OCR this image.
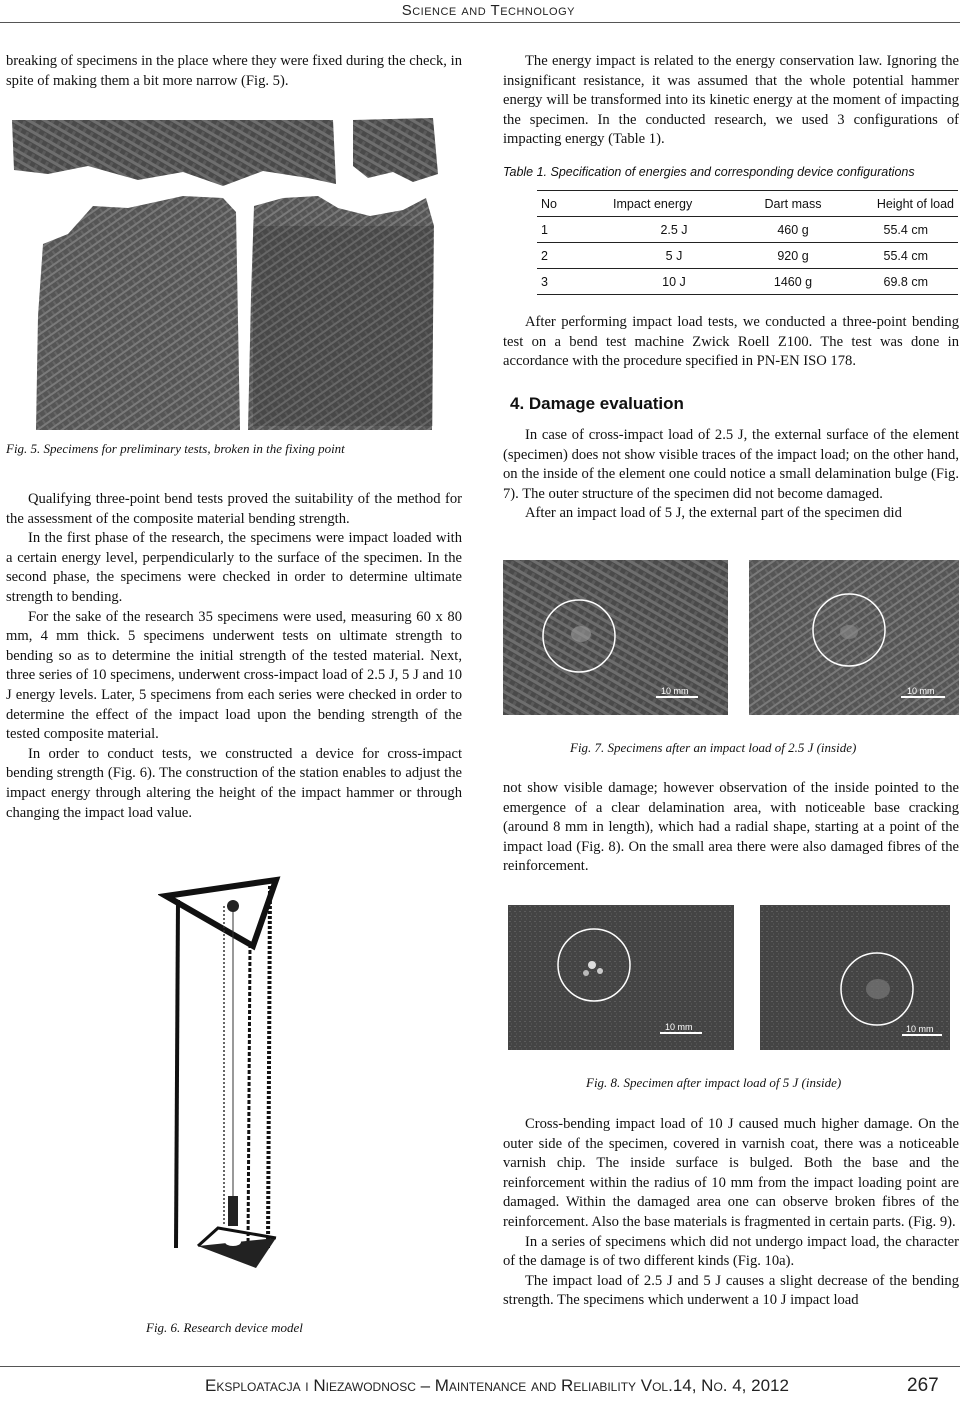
Science and Technology
breaking of specimens in the place where they were fixed during the check, in spite of making them a bit more narrow (Fig. 5).
Fig. 5. Specimens for preliminary tests, broken in the fixing point

Qualifying three-point bend tests proved the suitability of the method for the assessment of the composite material bending strength.

In the first phase of the research, the specimens were impact loaded with a certain energy level, perpendicularly to the surface of the specimen. In the second phase, the specimens were checked in order to determine ultimate strength to bending.

For the sake of the research 35 specimens were used, measuring 60 x 80 mm, 4 mm thick. 5 specimens underwent tests on ultimate strength to bending so as to determine the initial strength of the tested material. Next, three series of 10 specimens, underwent cross-impact load of 2.5 J, 5 J and 10 J energy levels. Later, 5 specimens from each series were checked in order to determine the effect of the impact load upon the bending strength of the tested composite material.

In order to conduct tests, we constructed a device for cross-impact bending strength (Fig. 6). The construction of the station enables to adjust the impact energy through altering the height of the impact hammer or through changing the impact load value.

Fig. 6. Research device model

The energy impact is related to the energy conservation law. Ignoring the insignificant resistance, it was assumed that the whole potential hammer energy will be transformed into its kinetic energy at the moment of impacting the specimen. In the conducted research, we used 3 configurations of impacting energy (Table 1).

Table 1. Specification of energies and corresponding device configurations
No	Impact energy	Dart mass	Height of load
1	2.5 J	460 g	55.4 cm
2	5 J	920 g	55.4 cm
3	10 J	1460 g	69.8 cm

After performing impact load tests, we conducted a three-point bending test on a bend test machine Zwick Roell Z100. The test was done in accordance with the procedure specified in PN-EN ISO 178.

4. Damage evaluation

In case of cross-impact load of 2.5 J, the external surface of the element (specimen) does not show visible traces of the impact load; on the other hand, on the inside of the element one could notice a small delamination bulge (Fig. 7). The outer structure of the specimen did not become damaged.

After an impact load of 5 J, the external part of the specimen did

10 mm	10 mm
Fig. 7. Specimens after an impact load of 2.5 J (inside)

not show visible damage; however observation of the inside pointed to the emergence of a clear delamination area, with noticeable base cracking (around 8 mm in length), which had a radial shape, starting at a point of the impact load (Fig. 8). On the small area there were also damaged fibres of the reinforcement.

10 mm	10 mm
Fig. 8. Specimen after impact load of 5 J (inside)

Cross-bending impact load of 10 J caused much higher damage. On the outer side of the specimen, covered in varnish coat, there was a noticeable varnish chip. The inside surface is bulged. Both the base and the reinforcement within the radius of 10 mm from the impact loading point are damaged. Within the damaged area one can observe broken fibres of the reinforcement. Also the base materials is fragmented in certain parts. (Fig. 9).

In a series of specimens which did not undergo impact load, the character of the damage is of two different kinds (Fig. 10a).

The impact load of 2.5 J and 5 J causes a slight decrease of the bending strength. The specimens which underwent a 10 J impact load

Eksploatacja i Niezawodnosc – Maintenance and Reliability Vol.14, No. 4, 2012	267
